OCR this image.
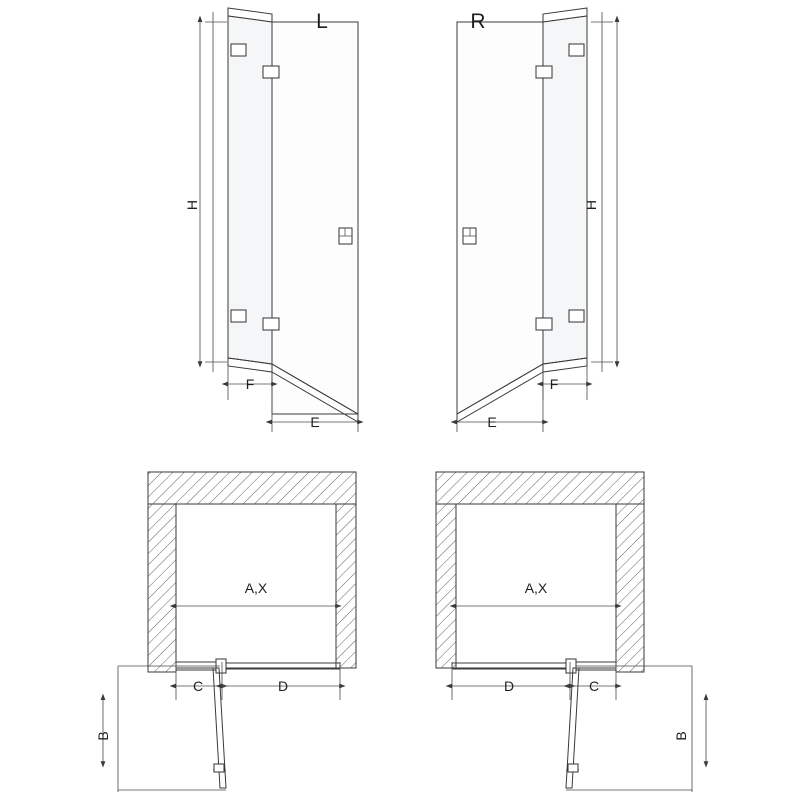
L
H
F
E
R
H
F
E
A,X
C	D
B
A,X
D	C
B
